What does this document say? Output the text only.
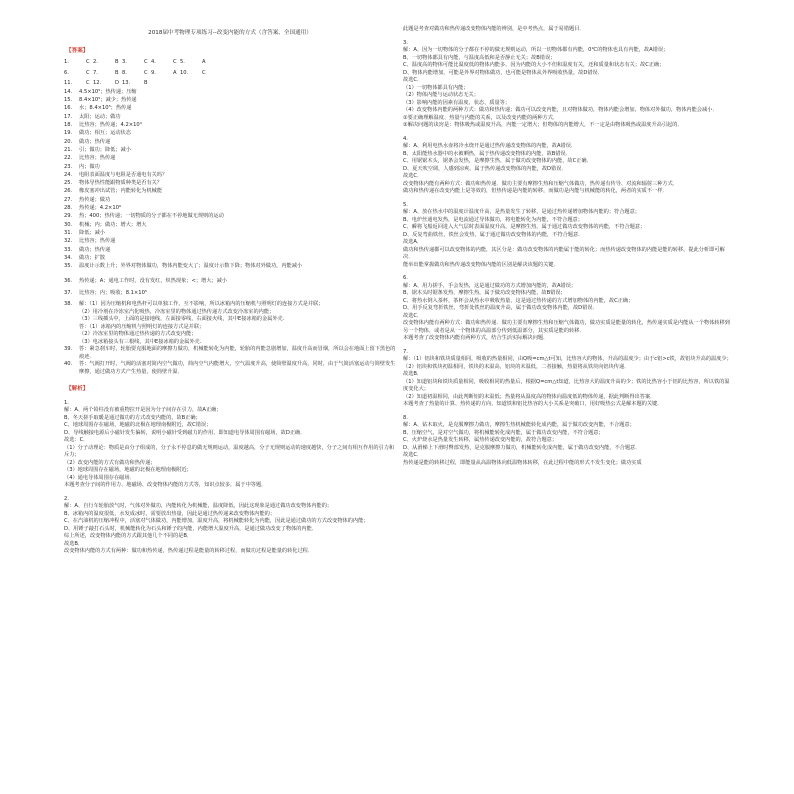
2018届中考物理专项练习--改变内能的方式（含答案、全国通用）
【答案】
1.	C 2.	B 3.	C 4.	C 5.	A
6.	C 7.	B 8.	C 9.	A 10.	C
11.	C 12.	D 13.	B
14.	4.5×10⁵；热传递；压缩
15.	8.4×10⁵；减少；热传递
16.	水；8.4×10⁵；热传递
17.	太阳；运动；做功
18.	比热容；热传递；4.2×10⁴
19.	做功；相互；运动状态
20.	做功；热传递
21.	引；做功；降低；减小
22.	比热容；热传递
23.	内；做功
24.	电阻表面温度与电阻是否通电有关吗？
25.	物体导热性能跟物质种类是否有关？
26.	橡皮塞冲出试管；内能转化为机械能
27.	热传递；做功
28.	热传递；4.2×10⁶
29.	热；400；热传递；一切物质的分子都在不停地做无规则的运动
30.	机械；内；做功；增大；增大
31.	降低；减小
32.	比热容；热传递
33.	做功；热传递
34.	做功；扩散
35.	温度计示数上升；外界对物体做功，物体内能变大了；温度计示数下降；物体对外做功，内能减小
36.	热传递；A；通电工作时，没有发红，炽热现象；<；增大；减小
37.	比热容；内；吸收；8.1×10⁵
38.	解：（1）因为压缩机和电热杆可以单独工作，互不影响，所以冰箱内的压缩机与照明灯的连接方式是并联；
（2）用冷剂在冷冻室汽化吸热，冷冻室里的物体通过热传递方式改变冷冻室的内能；
（3）三线插头中，上面的是接地线，左面接零线，右面接火线，其中E接冰箱的金属外壳.
答：（1）冰箱内的压缩机与照明灯的连接方式是并联；
（2）冷冻室里的物体通过热传递的方式改变内能；
（3）电冰箱接头有三根线，其中E接冰箱的金属外壳.
39.	答：紧急刹车时，轮胎要克服地面的摩擦力做功，机械能转化为内能，轮胎的内能急剧增加，温度升高而冒烟，所以会在地面上留下黑色的痕迹．
40.	答：气阀打开时，气阀的活塞对简内空气做功，简内空气内能增大，空气温度升高，使简壁温度升高，同时，由于气简活塞运动与简壁发生摩擦，通过做功方式产生热量，使简壁升温．
【解析】

1.

解：A、两个铅柱没有被重物拉开是因为分子间存在引力，故A正确；

B、冬天搓手取暖是通过做功的方式改变内能的，故B正确；

C、地球周围存在磁场，地磁的北极在地理南极附近，故C错误；

D、导线触接电源后小磁针发生偏转，说明小磁针受到磁力的作用，即知道电导体周围有磁场，故D正确．

故选：C．

（1）分子动理论：物质是由分子组成的，分子永不停息的做无规则运动，温度越高，分子无规则运动的速度越快，分子之间有相互作用的引力和斥力；

（2）改变内能的方式有做功和热传递；

（3）地球周围存在磁场，地磁的北极在地理南极附近；

（4）通电导体周围存在磁场．

本题考查分子间的作用力、地磁场、改变物体内能的方式等，知识点较多，属于中等题．

2.

解：A、自行车轮胎放气时，气体对外做功，内能转化为机械能，温度降低，因此这现象是通过做功改变物体内能的；

B、冰箱内的温度很低，水发成冰时，需要放出热量，因此是通过热传递来改变物体内能的；

C、在汽油机的压缩冲程中，活塞对气体做功，内能增加，温度升高，将机械能转化为内能，因此是通过做功的方式改变物体的内能；

D、用锤子敲打石头时，机械能转化为石头和锤子的内能，内能增大温度升高，是通过做功改变了物体的内能．

综上所述，改变物体内能的方式跟其他几个不同的是B．

故选B．

改变物体内能的方式有两种：做功和热传递，热传递过程是能量的转移过程，而做功过程是能量的转化过程．

此题是考查对做功和热传递改变物体内能的辨别，是中考热点，属于易错题目．

3.

解：A、因为一切物体的分子都在不停的做无规则运动，所以一切物体都有内能，0℃的物体也具有内能，故A错误；

B、一切物体都具有内能，与温度高低和是否静止无关；故B错误；

C、温度高的物体可能比温度低的物体内能多，因为内能的大小不但和温度有关，还和质量和状态有关；故C正确；

D、物体内能增加，可能是外界对物体做功，也可能是物体从外界吸收热量，故D错误．

故选C．

（1）一切物体都具有内能；

（2）物体内能与运动状态无关；

（3）影响内能的因素有温度、状态、质量等；

（4）改变物体内能的两种方式：做功和热传递；做功可以改变内能，且对物体做功，物体内能会增加，物体对外做功，物体内能会减小．

①要正确理解温度、热量与内能的关系，以及改变内能的两种方式．

②解决问题的诀窍是：物体吸热或温度升高，内能一定增大；但物体的内能增大，不一定是由物体吸热或温度升高引起的．

4.

解：A、利用电热水壶将冷水烧开是通过热传递改变物体的内能，故A错误．

B、太阳能热水器中的水被晒热，属于热传递改变物体的内能，故B错误．

C、用锯锯木头，锯条会发热，是摩擦生热，属于做功改变物体的内能，故C正确．

D、夏天吹空调，人感到凉爽，属于热传递改变物体的内能，故D错误．

故选C．

改变物体内能有两种方式：做功和热传递．做功主要有摩擦生热和压缩气体做功，热传递有传导、对流和辐射三种方式．

做功和热传递在改变内能上是等效的，但热传递是内能的转移，而做功是内能与机械能的转化，两者的实质不一样．

5.

解：A、放在热水中的温度计温度升高，是热量发生了转移，是通过热传递增加物体内能的；符合题意；

B、电炉丝通电发热，是电流通过导体做功，将电能转化为内能，不符合题意；

C、瞬将飞船返回进入大气层时表面温度升高，是摩擦生热，属于通过做功改变物体的内能，不符合题意；

D、反复弯曲铁丝，铁丝会发热，属于通过做功改变物体的内能，不符合题意．

故选A．

做功和热传递都可以改变物体的内能，其区分是：做功改变物体的内能属于能的转化；而热传递改变物体的内能是能的转移，提此分析即可解决．

能举出能掌握做功和热传递改变物体内能的区别是解决该题的关键．

6.

解：A、用力搓手，手会发热，这是通过做功的方式增加内能的，故A错误；

B、锯木头时锯条发热，摩擦生热，属于做功改变物体内能，故B错误；

C、将热水倒入茶杯，茶杯会从热水中吸收热量，这是通过热传递的方式增加物体的内能，故C正确；

D、用手反复弯折铁丝，弯折处铁丝的温度升高，属于做功改变物体内能，故D错误．

故选C．

改变物体内能有两种方式：做功和热传递．做功主要有摩擦生热和压缩气体做功，做功实质是能量的转化，热传递实质是内能从一个物体转移到另一个物体，或者是从一个物体的高温部分传到低温部分，其实质是能的转移．

本题考查了改变物体内能有两种方式，结合生活实际解决问题．

7.

解：（1）铝块和铁块质量相同，吸收的热量相同，由Q吸=cm△t可知，比热容大的物体，升高的温度少；由于c铝>c铁，故铝块升高的温度少；

（2）铝块和铁块初温相同，铁块的末温高，铝块的末温低，二者接触，热量将从铁块向铝块传递．

故选B．

（1）知道铝块和铁块质量相同，吸收相同的热量后，根据Q=cm△t知道，比热容大的温度升高的少；铁的比热容小于铝的比热容，所以铁的温度变化大；

（2）知道初温相同，由此判断铝的末温低；热量将从温度高的物体向温度低的物体传递，据此判断得出答案．

本题考查了热量的计算、热传递的方向，知道铁和铝比热容的大小关系是突破口，用好吸热公式是解本题的关键．

8.

解：A、钻木取火，是克服摩擦力做功，摩擦生热机械能转化成内能，属于做功改变内能，不合题意；

B、压缩空气，是对空气做功，将机械能转化成内能，属于做功改变内能，不符合题意；

C、火炉烧水是热量发生转移，属热传递改变内能的，故符合题意；

D、从滑梯上下滑时臀部发热，是克服摩擦力做功，机械能转化成内能，属于做功改变内能，不合题意．

故选C．

热传递是能的转移过程，即能量从高温物体向低温物体转移，在此过程中能的形式不发生变化；做功实质
